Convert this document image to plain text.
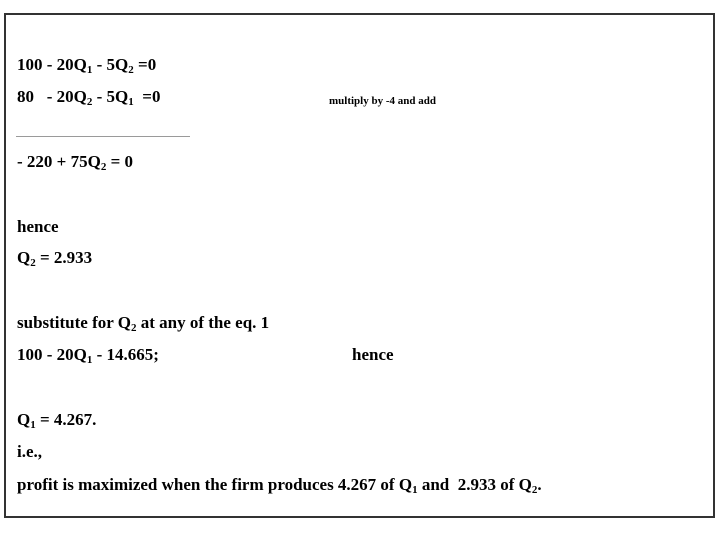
$100 - 20Q_1 - 5Q_2 =0$
$80 - 20Q_2 - 5Q_1 =0$	multiply by -4 and add
- $220 + 75Q_2 = 0$
hence
$Q_2 = 2.933$
substitute for $Q_2$ at any of the eq. 1
$100 - 20Q_1 - 14.665$;	hence
$Q_1 = 4.267$.
i.e.,
profit is maximized when the firm produces 4.267 of $Q_1$ and  2.933 of $Q_2$.
